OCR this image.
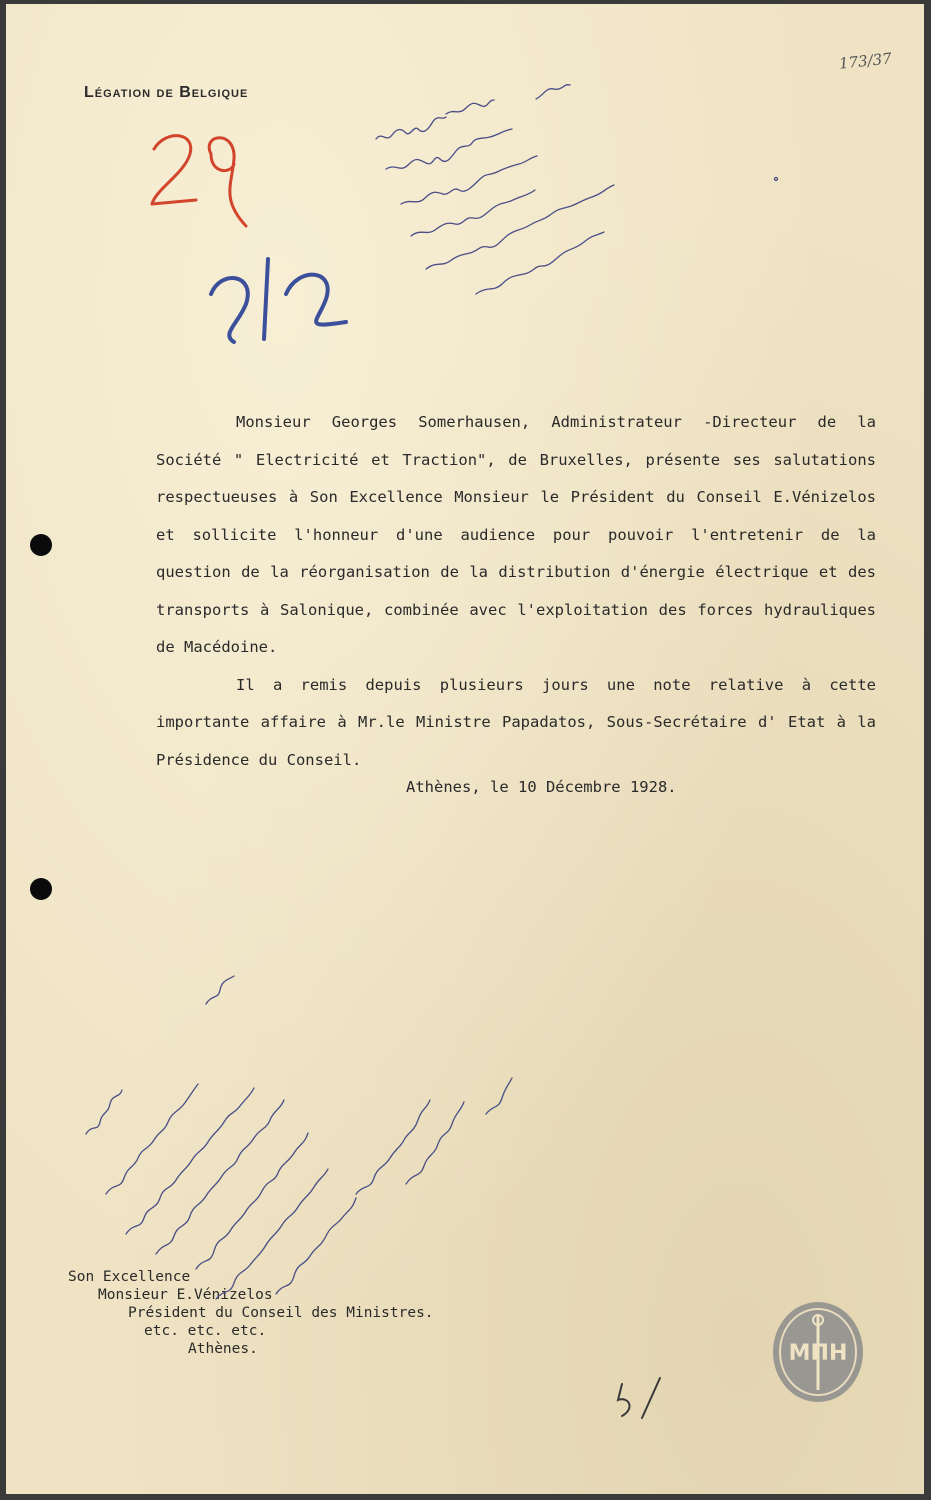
Légation de Belgique
173/37

Monsieur Georges Somerhausen, Administrateur -Directeur de la Société " Electricité et Traction", de Bruxelles, présente ses salutations respectueuses à Son Excellence Monsieur le Président du Conseil E.Vénizelos et sollicite l'honneur d'une audience pour pouvoir l'entretenir de la question de la réorganisation de la distribution d'énergie électrique et des transports à Salonique, combinée avec l'exploitation des forces hydrauliques de Macédoine.

Il a remis depuis plusieurs jours une note relative à cette importante affaire à Mr.le Ministre Papadatos, Sous-Secrétaire d' Etat à la Présidence du Conseil.

Athènes, le 10 Décembre 1928.
Son Excellence
Monsieur E.Vénizelos
Président du Conseil des Ministres.
etc. etc. etc.
Athènes.	ΜΠΗ
